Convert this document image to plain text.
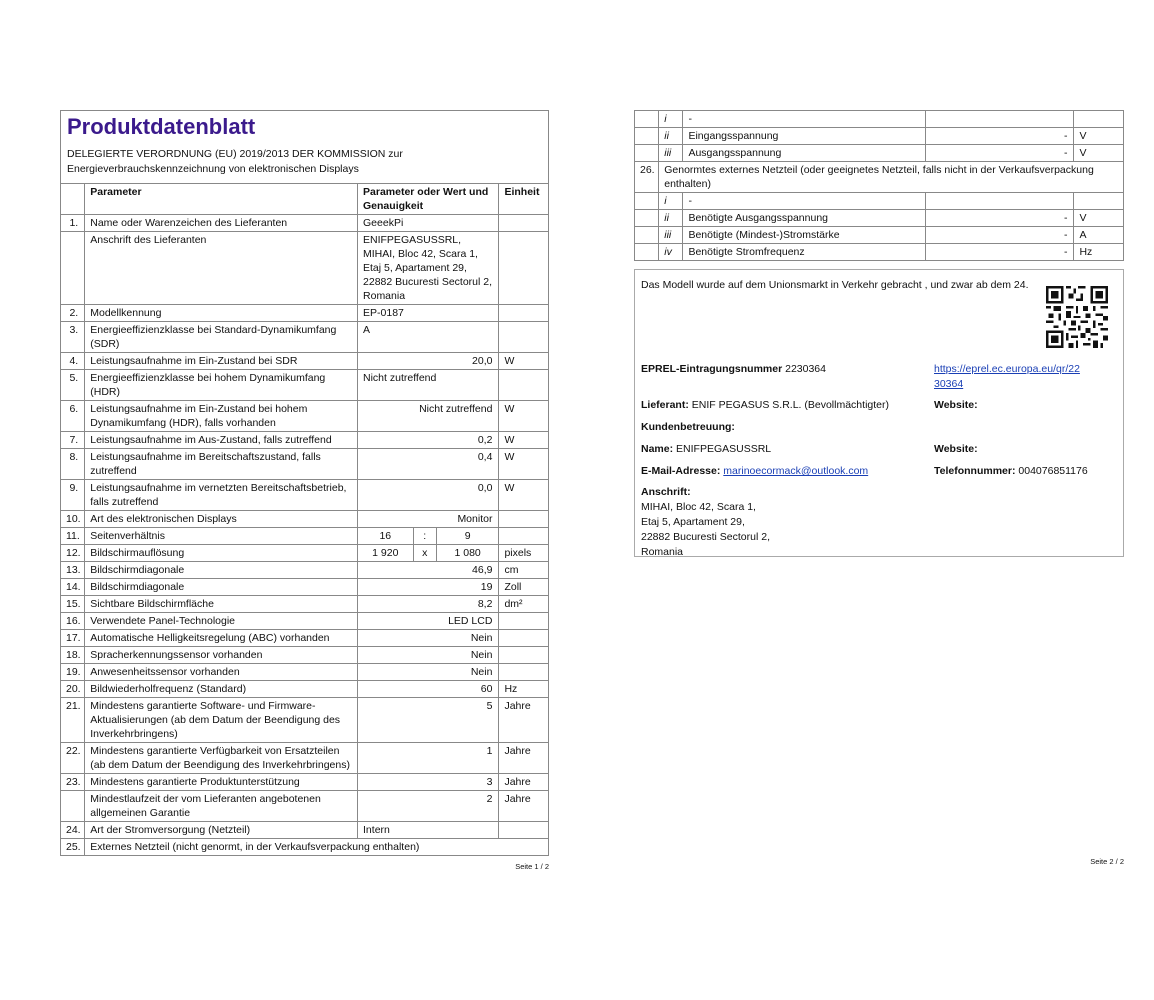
Produktdatenblatt
DELEGIERTE VERORDNUNG (EU) 2019/2013 DER KOMMISSION zur
Energieverbrauchskennzeichnung von elektronischen Displays
	Parameter	Parameter oder Wert und Genauigkeit			Einheit
1.	Name oder Warenzeichen des Lieferanten	GeeekPi			
	Anschrift des Lieferanten	ENIFPEGASUSSRL, MIHAI, Bloc 42, Scara 1, Etaj 5, Apartament 29, 22882 Bucuresti Sectorul 2, Romania			
2.	Modellkennung	EP-0187			
3.	Energieeffizienzklasse bei Standard-Dynamikumfang (SDR)	A			
4.	Leistungsaufnahme im Ein-Zustand bei SDR	20,0			W
5.	Energieeffizienzklasse bei hohem Dynamikumfang (HDR)	Nicht zutreffend			
6.	Leistungsaufnahme im Ein-Zustand bei hohem Dynamikumfang (HDR), falls vorhanden	Nicht zutreffend			W
7.	Leistungsaufnahme im Aus-Zustand, falls zutreffend	0,2			W
8.	Leistungsaufnahme im Bereitschaftszustand, falls zutreffend	0,4			W
9.	Leistungsaufnahme im vernetzten Bereitschaftsbetrieb, falls zutreffend	0,0			W
10.	Art des elektronischen Displays	Monitor			
11.	Seitenverhältnis	16	:	9	
12.	Bildschirmauflösung	1 920	x	1 080	pixels
13.	Bildschirmdiagonale	46,9			cm
14.	Bildschirmdiagonale	19			Zoll
15.	Sichtbare Bildschirmfläche	8,2			dm²
16.	Verwendete Panel-Technologie	LED LCD			
17.	Automatische Helligkeitsregelung (ABC) vorhanden	Nein			
18.	Spracherkennungssensor vorhanden	Nein			
19.	Anwesenheitssensor vorhanden	Nein			
20.	Bildwiederholfrequenz (Standard)	60			Hz
21.	Mindestens garantierte Software- und Firmware-Aktualisierungen (ab dem Datum der Beendigung des Inverkehrbringens)	5			Jahre
22.	Mindestens garantierte Verfügbarkeit von Ersatzteilen (ab dem Datum der Beendigung des Inverkehrbringens)	1			Jahre
23.	Mindestens garantierte Produktunterstützung	3			Jahre
	Mindestlaufzeit der vom Lieferanten angebotenen allgemeinen Garantie	2			Jahre
24.	Art der Stromversorgung (Netzteil)	Intern			
25.	Externes Netzteil (nicht genormt, in der Verkaufsverpackung enthalten)				
Seite 1 / 2
	i	-		
	ii	Eingangsspannung	-	V
	iii	Ausgangsspannung	-	V
26.	Genormtes externes Netzteil (oder geeignetes Netzteil, falls nicht in der Verkaufsverpackung enthalten)			
	i	-		
	ii	Benötigte Ausgangsspannung	-	V
	iii	Benötigte (Mindest-)Stromstärke	-	A
	iv	Benötigte Stromfrequenz	-	Hz
Das Modell wurde auf dem Unionsmarkt in Verkehr gebracht , und zwar ab dem 24.
EPREL-Eintragungsnummer 2230364	https://eprel.ec.europa.eu/qr/22
30364
Lieferant: ENIF PEGASUS S.R.L. (Bevollmächtigter)	Website:
Kundenbetreuung:
Name: ENIFPEGASUSSRL	Website:
E-Mail-Adresse: marinoecormack@outlook.com	Telefonnummer: 004076851176
Anschrift:
MIHAI, Bloc 42, Scara 1,
Etaj 5, Apartament 29,
22882 Bucuresti Sectorul 2,
Romania
Seite 2 / 2
